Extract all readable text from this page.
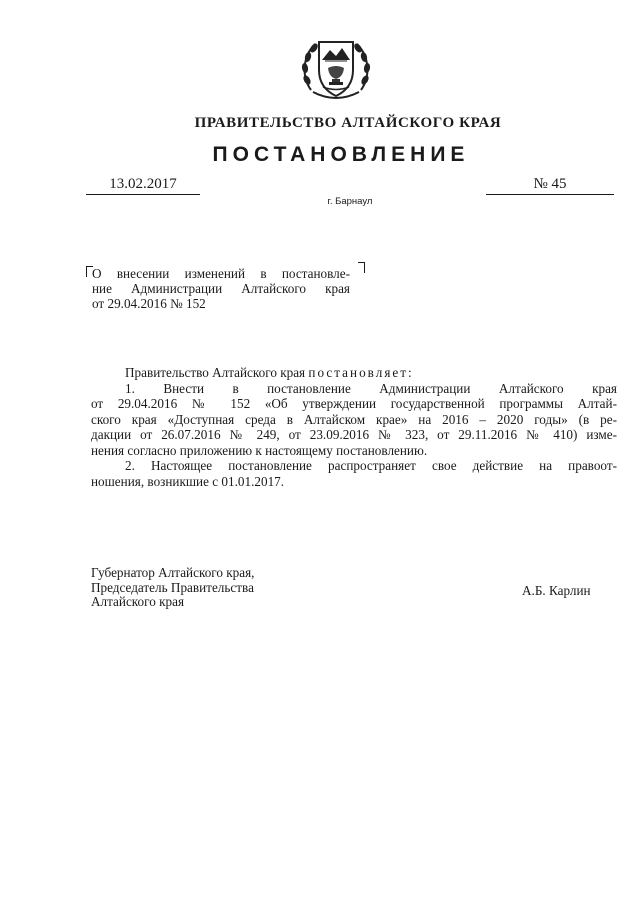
ПРАВИТЕЛЬСТВО АЛТАЙСКОГО КРАЯ
ПОСТАНОВЛЕНИЕ
13.02.2017	№ 45
г. Барнаул
О внесении изменений в постановле-
ние Администрации Алтайского края
от 29.04.2016 № 152
Правительство Алтайского края постановляет:
1. Внести в постановление Администрации Алтайского края
от 29.04.2016 № 152 «Об утверждении государственной программы Алтай-
ского края «Доступная среда в Алтайском крае» на 2016 – 2020 годы» (в ре-
дакции от 26.07.2016 № 249, от 23.09.2016 № 323, от 29.11.2016 № 410) изме-
нения согласно приложению к настоящему постановлению.
2. Настоящее постановление распространяет свое действие на правоот-
ношения, возникшие с 01.01.2017.
Губернатор Алтайского края,
Председатель Правительства
Алтайского края
А.Б. Карлин
